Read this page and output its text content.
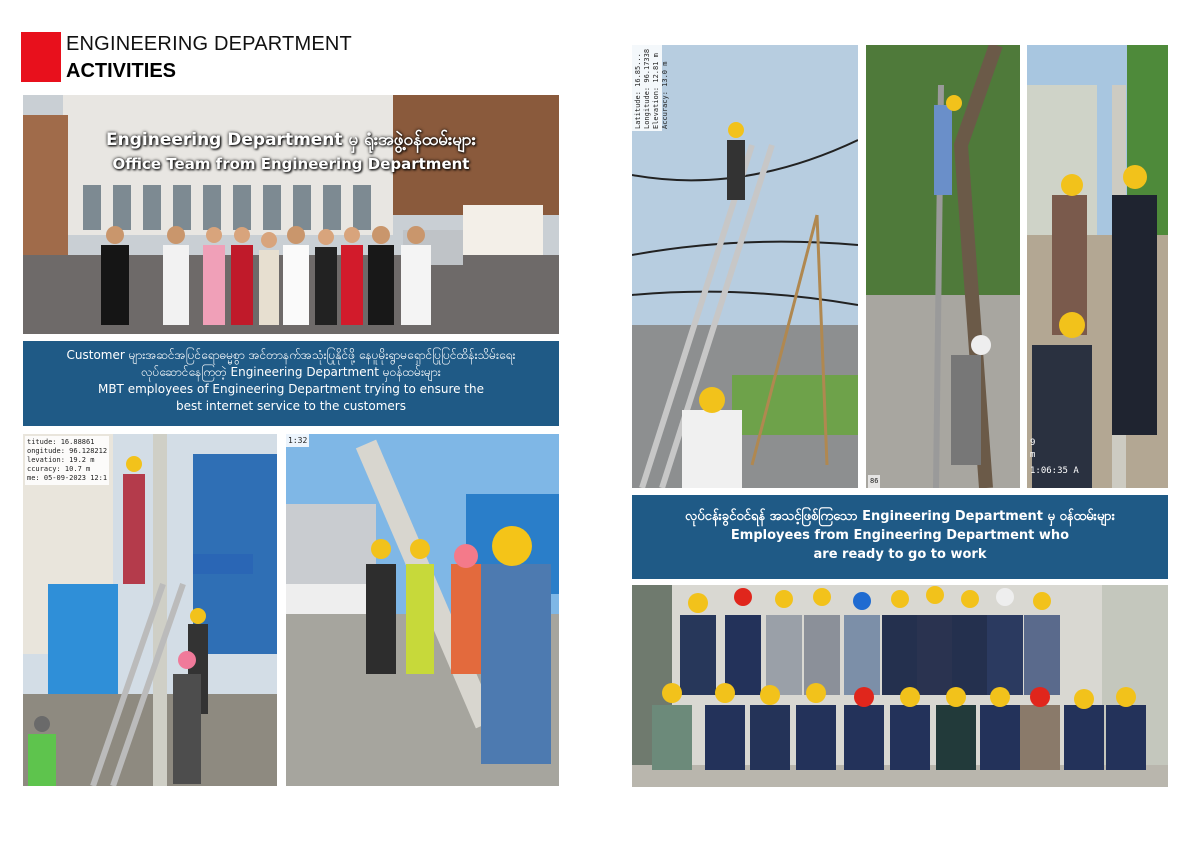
ENGINEERING DEPARTMENT
ACTIVITIES
Engineering Department မှ ရုံးအဖွဲ့ဝန်ထမ်းများ
Office Team from Engineering Department
Customer များအဆင်အပြင်ရောဓမ္မစွာ အင်တာနက်အသုံးပြုနိုင်ဖို့ နေပူမိုးရွာမရှောင်ပြုပြင်ထိန်းသိမ်းရေး
လုပ်ဆောင်နေကြတဲ့ Engineering Department မှဝန်ထမ်းများ
MBT employees of Engineering Department trying to ensure the
best internet service to the customers
titude: 16.88861
ongitude: 96.128212
levation: 19.2 m
ccuracy: 10.7 m
me: 05-09-2023 12:1
1:32
Latitude: 16.85... Longitude: 96.17338 Elevation: 12.81 m Accuracy: 13.0 m
86
9
m
1:06:35 A
လုပ်ငန်းခွင်ဝင်ရန် အသင့်ဖြစ်ကြသော Engineering Department မှ ဝန်ထမ်းများ
Employees from Engineering Department who
are ready to go to work
